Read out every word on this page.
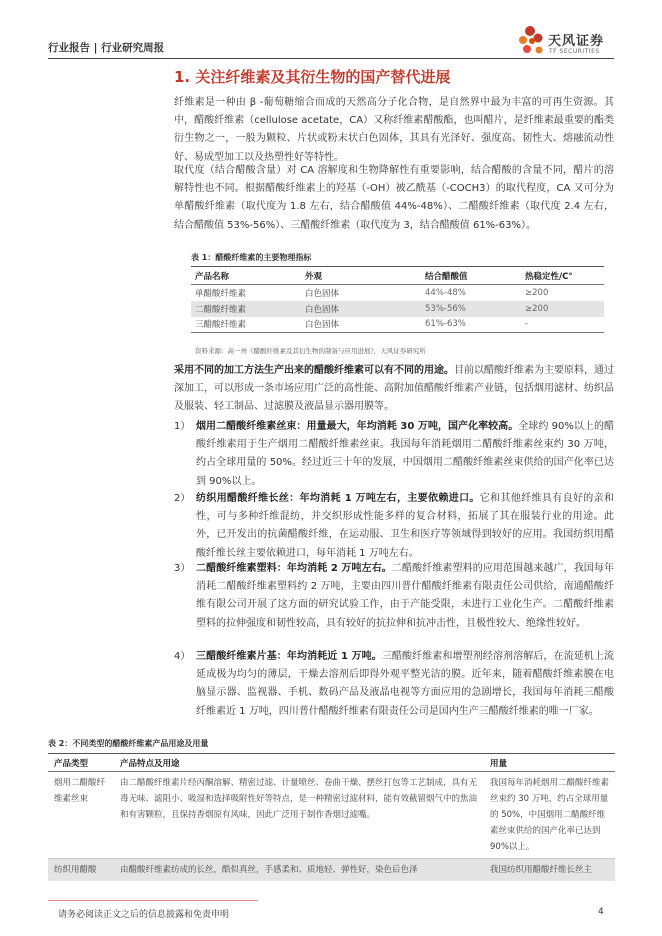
行业报告 | 行业研究周报	天风证券
TF SECURITIES
1. 关注纤维素及其衍生物的国产替代进展
纤维素是一种由 β -葡萄糖缩合而成的天然高分子化合物，是自然界中最为丰富的可再生资源。其中，醋酸纤维素（cellulose acetate，CA）又称纤维素醋酸酯，也叫醋片，是纤维素最重要的酯类衍生物之一，一般为颗粒、片状或粉末状白色固体，其具有光泽好、强度高、韧性大、熔融流动性好、易成型加工以及热塑性好等特性。
取代度（结合醋酸含量）对 CA 溶解度和生物降解性有重要影响，结合醋酸的含量不同，醋片的溶解特性也不同。根据醋酸纤维素上的羟基（-OH）被乙酰基（-COCH3）的取代程度，CA 又可分为单醋酸纤维素（取代度为 1.8 左右，结合醋酸值 44%-48%）、二醋酸纤维素（取代度 2.4 左右，结合醋酸值 53%-56%）、三醋酸纤维素（取代度为 3，结合醋酸值 61%-63%）。
表 1：醋酸纤维素的主要物理指标
产品名称	外观	结合醋酸值	热稳定性/C°
单醋酸纤维素	白色固体	44%-48%	≥200
二醋酸纤维素	白色固体	53%-56%	≥200
三醋酸纤维素	白色固体	61%-63%	-
资料来源：高一州《醋酸纤维素及其衍生物的制备与应用进展》，天风证券研究所
采用不同的加工方法生产出来的醋酸纤维素可以有不同的用途。目前以醋酸纤维素为主要原料，通过深加工，可以形成一条市场应用广泛的高性能、高附加值醋酸纤维素产业链，包括烟用滤材、纺织品及服装、轻工制品、过滤膜及液晶显示器用膜等。
1） 烟用二醋酸纤维素丝束：用量最大，年均消耗 30 万吨，国产化率较高。全球约 90%以上的醋酸纤维素用于生产烟用二醋酸纤维素丝束。我国每年消耗烟用二醋酸纤维素丝束约 30 万吨，约占全球用量的 50%。经过近三十年的发展，中国烟用二醋酸纤维素丝束供给的国产化率已达到 90%以上。
2） 纺织用醋酸纤维长丝：年均消耗 1 万吨左右，主要依赖进口。它和其他纤维具有良好的亲和性，可与多种纤维混纺，并交织形成性能多样的复合材料，拓展了其在服装行业的用途。此外，已开发出的抗菌醋酸纤维，在运动服、卫生和医疗等领域得到较好的应用。我国纺织用醋酸纤维长丝主要依赖进口，每年消耗 1 万吨左右。
3） 二醋酸纤维素塑料：年均消耗 2 万吨左右。二醋酸纤维素塑料的应用范围越来越广，我国每年消耗二醋酸纤维素塑料约 2 万吨，主要由四川普什醋酸纤维素有限责任公司供给，南通醋酸纤维有限公司开展了这方面的研究试验工作，由于产能受限，未进行工业化生产。二醋酸纤维素塑料的拉伸强度和韧性较高，具有较好的抗拉伸和抗冲击性，且极性较大、绝缘性较好。
4） 三醋酸纤维素片基：年均消耗近 1 万吨。三醋酸纤维素和增塑剂经溶剂溶解后，在流延机上流延成极为均匀的薄层，干燥去溶剂后即得外观平整光洁的膜。近年来，随着醋酸纤维素膜在电脑显示器、监视器、手机、数码产品及液晶电视等方面应用的急剧增长，我国每年消耗三醋酸纤维素近 1 万吨，四川普什醋酸纤维素有限责任公司是国内生产三醋酸纤维素的唯一厂家。
表 2：不同类型的醋酸纤维素产品用途及用量
产品类型	产品特点及用途	用量
烟用二醋酸纤维素丝束	由二醋酸纤维素片经丙酮溶解、精密过滤、计量喷丝、卷曲干燥、摆丝打包等工艺制成，具有无毒无味、滤阻小、吸湿和选择吸附性好等特点，是一种精密过滤材料，能有效截留烟气中的焦油和有害颗粒，且保持香烟原有风味，因此广泛用于制作香烟过滤嘴。	我国每年消耗烟用二醋酸纤维素丝束约 30 万吨，约占全球用量的 50%，中国烟用二醋酸纤维素丝束供给的国产化率已达到 90%以上。
纺织用醋酸	由醋酸纤维素纺成的长丝，酷似真丝，手感柔和、质地轻、弹性好，染色后色泽	我国纺织用醋酸纤维长丝主
请务必阅读正文之后的信息披露和免责申明	4
